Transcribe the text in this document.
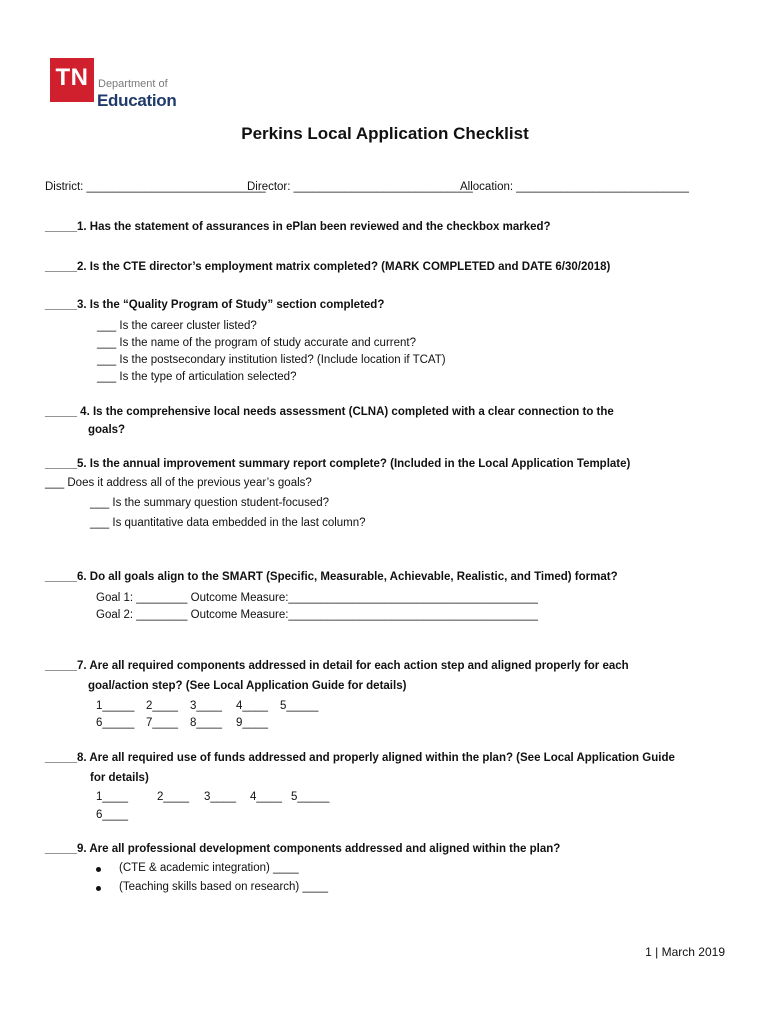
TN Department of
Education
Perkins Local Application Checklist
District: ____________________________
Director: ____________________________
Allocation: ___________________________
_____1. Has the statement of assurances in ePlan been reviewed and the checkbox marked?
_____2. Is the CTE director’s employment matrix completed? (MARK COMPLETED and DATE 6/30/2018)
_____3. Is the “Quality Program of Study” section completed?
___ Is the career cluster listed?
___ Is the name of the program of study accurate and current?
___ Is the postsecondary institution listed? (Include location if TCAT)
___ Is the type of articulation selected?
_____ 4. Is the comprehensive local needs assessment (CLNA) completed with a clear connection to the
goals?
_____5. Is the annual improvement summary report complete? (Included in the Local Application Template)
___ Does it address all of the previous year’s goals?
___ Is the summary question student-focused?
___ Is quantitative data embedded in the last column?
_____6. Do all goals align to the SMART (Specific, Measurable, Achievable, Realistic, and Timed) format?
Goal 1: ________ Outcome Measure:_______________________________________
Goal 2: ________ Outcome Measure:_______________________________________
_____7. Are all required components addressed in detail for each action step and aligned properly for each
goal/action step? (See Local Application Guide for details)
1_____ 2____ 3____ 4____ 5_____
6_____ 7____ 8____ 9____
_____8. Are all required use of funds addressed and properly aligned within the plan? (See Local Application Guide
for details)
1____	2____ 3____ 4____ 5_____
6____
_____9. Are all professional development components addressed and aligned within the plan?
(CTE & academic integration) ____
(Teaching skills based on research) ____
1 | March 2019
